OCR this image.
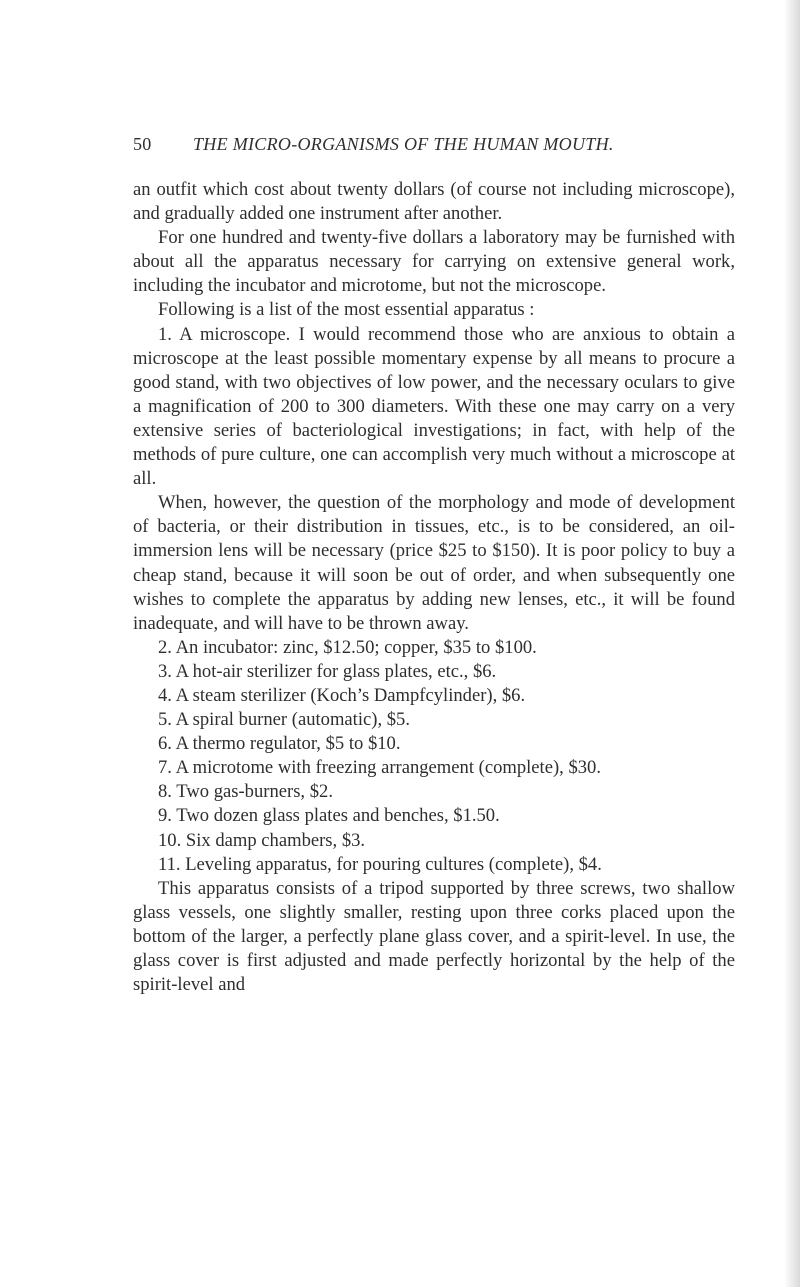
50 THE MICRO-ORGANISMS OF THE HUMAN MOUTH.

an outfit which cost about twenty dollars (of course not including microscope), and gradually added one instrument after another.

For one hundred and twenty-five dollars a laboratory may be furnished with about all the apparatus necessary for carrying on extensive general work, including the incubator and microtome, but not the microscope.

Following is a list of the most essential apparatus :

1. A microscope. I would recommend those who are anxious to obtain a microscope at the least possible momentary expense by all means to procure a good stand, with two objectives of low power, and the necessary oculars to give a magnification of 200 to 300 diameters. With these one may carry on a very extensive series of bacteriological investigations; in fact, with help of the methods of pure culture, one can accomplish very much without a microscope at all.

When, however, the question of the morphology and mode of development of bacteria, or their distribution in tissues, etc., is to be considered, an oil-immersion lens will be necessary (price $25 to $150). It is poor policy to buy a cheap stand, because it will soon be out of order, and when subsequently one wishes to complete the apparatus by adding new lenses, etc., it will be found inadequate, and will have to be thrown away.

2. An incubator: zinc, $12.50; copper, $35 to $100.

3. A hot-air sterilizer for glass plates, etc., $6.

4. A steam sterilizer (Koch’s Dampfcylinder), $6.

5. A spiral burner (automatic), $5.

6. A thermo regulator, $5 to $10.

7. A microtome with freezing arrangement (complete), $30.

8. Two gas-burners, $2.

9. Two dozen glass plates and benches, $1.50.

10. Six damp chambers, $3.

11. Leveling apparatus, for pouring cultures (complete), $4.

This apparatus consists of a tripod supported by three screws, two shallow glass vessels, one slightly smaller, resting upon three corks placed upon the bottom of the larger, a perfectly plane glass cover, and a spirit-level. In use, the glass cover is first adjusted and made perfectly horizontal by the help of the spirit-level and
